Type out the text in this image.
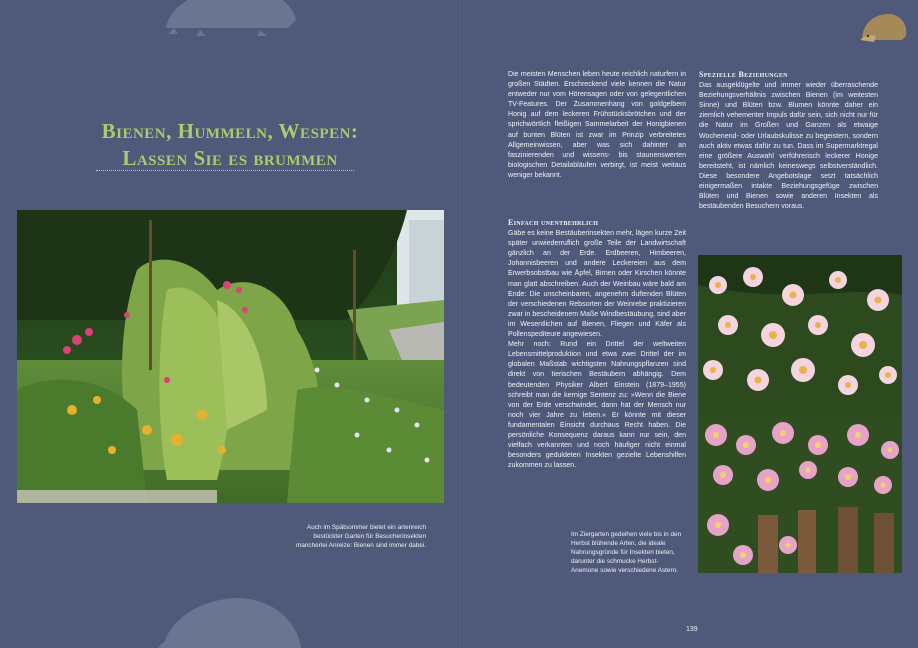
Bienen, Hummeln, Wespen:
Lassen Sie es brummen
Auch im Spätsommer bietet ein artenreich
bestückter Garten für Besucherinsekten
mancherlei Anreize: Bienen sind immer dabei.

Die meisten Menschen leben heute reichlich naturfern in großen Städten. Erschreckend viele kennen die Natur entweder nur vom Hörensagen oder von gelegentlichen TV-Features. Der Zusammenhang von goldgelbem Honig auf dem leckeren Frühstücksbrötchen und der sprichwörtlich fleißigen Sammelarbeit der Honigbienen auf bunten Blüten ist zwar im Prinzip verbreitetes Allgemeinwissen, aber was sich dahinter an faszinierenden und wissens- bis staunenswerten biologischen Detailabläufen verbirgt, ist meist weitaus weniger bekannt.

Einfach unentbehrlich

Gäbe es keine Bestäuberinsekten mehr, lägen kurze Zeit später unwiederruflich große Teile der Landwirtschaft gänzlich an der Erde. Erdbeeren, Himbeeren, Johannisbeeren und andere Leckereien aus dem Erwerbsobstbau wie Äpfel, Birnen oder Kirschen könnte man glatt abschreiben. Auch der Weinbau wäre bald am Ende: Die unscheinbaren, angenehm duftenden Blüten der verschiedenen Rebsorten der Weinrebe praktizieren zwar in bescheidenem Maße Windbestäubung, sind aber im Wesentlichen auf Bienen, Fliegen und Käfer als Pollenspediteure angewiesen.

Mehr noch: Rund ein Drittel der weltweiten Lebensmittelproduktion und etwa zwei Drittel der im globalen Maßstab wichtigsten Nahrungspflanzen sind direkt von tierischen Bestäubern abhängig. Dem bedeutenden Physiker Albert Einstein (1879–1955) schreibt man die kernige Sentenz zu: »Wenn die Biene von der Erde verschwindet, dann hat der Mensch nur noch vier Jahre zu leben.« Er könnte mit dieser fundamentalen Einsicht durchaus Recht haben. Die persönliche Konsequenz daraus kann nur sein, den vielfach verkannten und noch häufiger nicht einmal besonders geduldeten Insekten gezielte Lebenshilfen zukommen zu lassen.

Spezielle Beziehungen

Das ausgeklügelte und immer wieder überraschende Beziehungsverhältnis zwischen Bienen (im weitesten Sinne) und Blüten bzw. Blumen könnte daher ein ziemlich vehementer Impuls dafür sein, sich nicht nur für die Natur im Großen und Ganzen als etwaige Wochenend- oder Urlaubskulisse zu begeistern, sondern auch aktiv etwas dafür zu tun. Dass im Supermarktregal eine größere Auswahl verführerisch leckerer Honige bereitsteht, ist nämlich keineswegs selbstverständlich. Diese besondere Angebotslage setzt tatsächlich einigermaßen intakte Beziehungsgefüge zwischen Blüten und Bienen sowie anderen Insekten als bestäubenden Besuchern voraus.

Im Ziergarten gedeihen viele bis in den
Herbst blühende Arten, die ideale
Nahrungsgründe für Insekten bieten,
darunter die schmucke Herbst-
Anemone sowie verschiedene Astern.
139
